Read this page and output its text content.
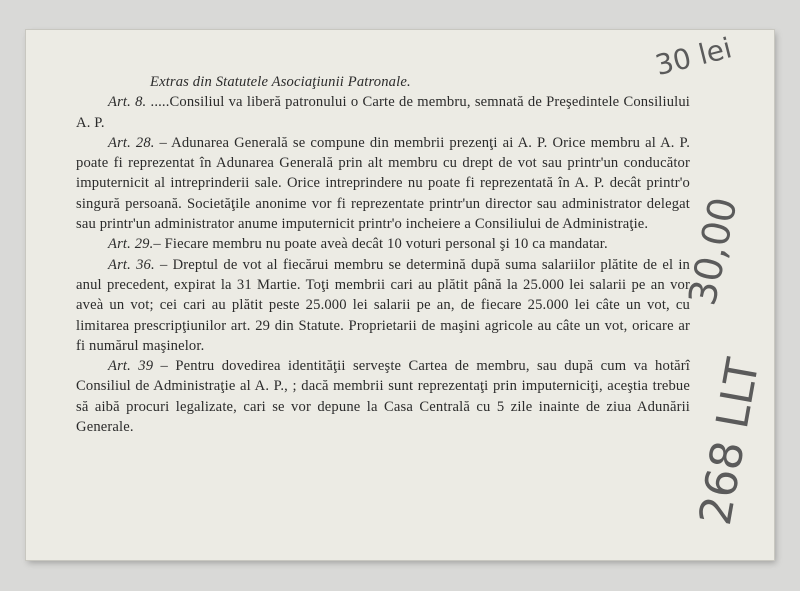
Extras din Statutele Asociaţiunii Patronale.
Art. 8. .....Consiliul va liberă patronului o Carte de membru, semnată de Preşedintele Consiliului A. P.
Art. 28. – Adunarea Generală se compune din membrii prezenţi ai A. P. Orice membru al A. P. poate fi reprezentat în Adunarea Generală prin alt membru cu drept de vot sau printr'un conducător imputernicit al intreprinderii sale. Orice intreprindere nu poate fi reprezentată în A. P. decât printr'o singură persoană. Societăţile anonime vor fi reprezentate printr'un director sau administrator delegat sau printr'un administrator anume imputernicit printr'o incheiere a Consiliului de Administraţie.
Art. 29.– Fiecare membru nu poate aveà decât 10 voturi personal şi 10 ca mandatar.
Art. 36. – Dreptul de vot al fiecărui membru se determină după suma salariilor plătite de el in anul precedent, expirat la 31 Martie. Toţi membrii cari au plătit până la 25.000 lei salarii pe an vor aveà un vot; cei cari au plătit peste 25.000 lei salarii pe an, de fiecare 25.000 lei câte un vot, cu limitarea prescripţiunilor art. 29 din Statute. Proprietarii de maşini agricole au câte un vot, oricare ar fi numărul maşinelor.
Art. 39 – Pentru dovedirea identităţii serveşte Cartea de membru, sau după cum va hotărî Consiliul de Administraţie al A. P., ; dacă membrii sunt reprezentaţi prin imputerniciţi, aceştia trebue să aibă procuri legalizate, cari se vor depune la Casa Centrală cu 5 zile inainte de ziua Adunării Generale.
30 lei
30,00
268 LLT
